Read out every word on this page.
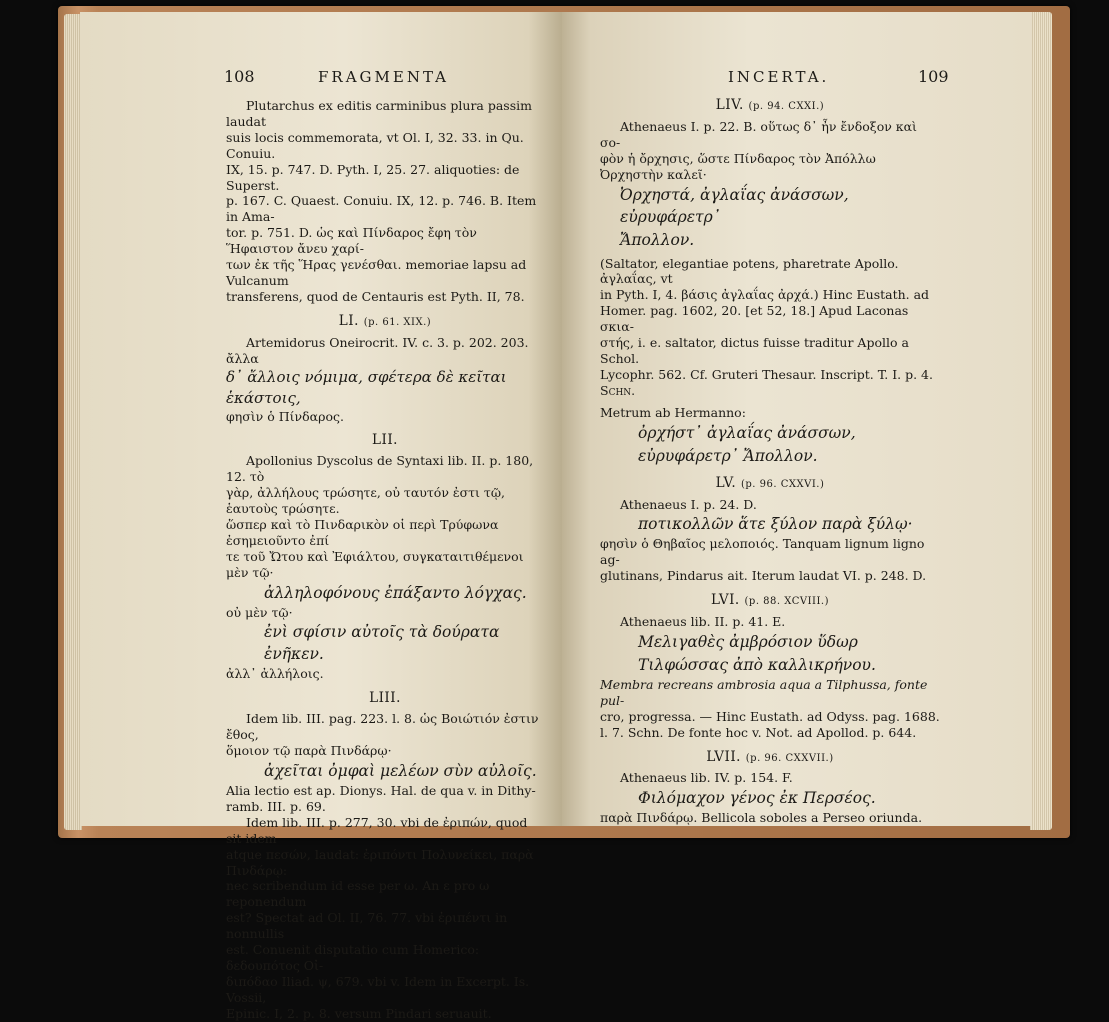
108	FRAGMENTA

Plutarchus ex editis carminibus plura passim laudat

suis locis commemorata, vt Ol. I, 32. 33. in Qu. Conuiu.

IX, 15. p. 747. D. Pyth. I, 25. 27. aliquoties: de Superst.

p. 167. C. Quaest. Conuiu. IX, 12. p. 746. B. Item in Ama-

tor. p. 751. D. ὡς καὶ Πίνδαρος ἔφη τὸν Ἥφαιστον ἄνευ χαρί-

των ἐκ τῆς Ἥρας γενέσθαι. memoriae lapsu ad Vulcanum

transferens, quod de Centauris est Pyth. II, 78.

LI. (p. 61. XIX.)

Artemidorus Oneirocrit. IV. c. 3. p. 202. 203. ἄλλα

δ᾽ ἄλλοις νόμιμα, σφέτερα δὲ κεῖται ἑκάστοις,

φησὶν ὁ Πίνδαρος.

LII.

Apollonius Dyscolus de Syntaxi lib. II. p. 180, 12. τὸ

γὰρ, ἀλλήλους τρώσητε, οὐ ταυτόν ἐστι τῷ, ἑαυτοὺς τρώσητε.

ὥσπερ καὶ τὸ Πινδαρικὸν οἱ περὶ Τρύφωνα ἐσημειοῦντο ἐπί

τε τοῦ Ὤτου καὶ Ἐφιάλτου, συγκαταιτιθέμενοι μὲν τῷ·

ἀλληλοφόνους ἐπάξαντο λόγχας.

οὐ μὲν τῷ·

ἐνὶ σφίσιν αὐτοῖς τὰ δούρατα ἐνῆκεν.

ἀλλ᾽ ἀλλήλοις.

LIII.

Idem lib. III. pag. 223. l. 8. ὡς Βοιώτιόν ἐστιν ἔθος,

ὅμοιον τῷ παρὰ Πινδάρῳ·

ἀχεῖται ὀμφαὶ μελέων σὺν αὐλοῖς.

Alia lectio est ap. Dionys. Hal. de qua v. in Dithy-

ramb. III. p. 69.

Idem lib. III. p. 277, 30. vbi de ἐριπών, quod sit idem

atque πεσών, laudat: ἐριπόντι Πολυνείκει, παρὰ Πινδάρῳ:

nec scribendum id esse per ω. An ε pro ω reponendum

est? Spectat ad Ol. II, 76. 77. vbi ἐριπέντι in nonnullis

est. Conuenit disputatio cum Homerico: δεδουπότος Οἰ-

διπόδαο Iliad. ψ, 679. vbi v. Idem in Excerpt. Is. Vossii,

Epinic. I, 2. p. 8. versum Pindari seruauit.

INCERTA.	109
LIV. (p. 94. CXXI.)

Athenaeus I. p. 22. B. οὕτως δ᾽ ἦν ἔνδοξον καὶ σο-

φὸν ἡ ὄρχησις, ὥστε Πίνδαρος τὸν Ἀπόλλω Ὀρχηστὴν καλεῖ·

Ὀρχηστά, ἀγλαΐας ἀνάσσων, εὐρυφάρετρ᾽

Ἄπολλον.

(Saltator, elegantiae potens, pharetrate Apollo. ἀγλαΐας, vt

in Pyth. I, 4. βάσις ἀγλαΐας ἀρχά.) Hinc Eustath. ad

Homer. pag. 1602, 20. [et 52, 18.] Apud Laconas σκια-

στής, i. e. saltator, dictus fuisse traditur Apollo a Schol.

Lycophr. 562. Cf. Gruteri Thesaur. Inscript. T. I. p. 4.

Schn.

Metrum ab Hermanno:

ὀρχήστ᾽ ἀγλαΐας ἀνάσσων,

εὐρυφάρετρ᾽ Ἄπολλον.

LV. (p. 96. CXXVI.)

Athenaeus I. p. 24. D.

ποτικολλῶν ἅτε ξύλον παρὰ ξύλῳ·

φησὶν ὁ Θηβαῖος μελοποιός. Tanquam lignum ligno ag-

glutinans, Pindarus ait. Iterum laudat VI. p. 248. D.

LVI. (p. 88. XCVIII.)

Athenaeus lib. II. p. 41. E.

Μελιγαθὲς ἀμβρόσιον ὕδωρ

Τιλφώσσας ἀπὸ καλλικρήνου.

Membra recreans ambrosia aqua a Tilphussa, fonte pul-

cro, progressa. — Hinc Eustath. ad Odyss. pag. 1688.

l. 7. Schn. De fonte hoc v. Not. ad Apollod. p. 644.

LVII. (p. 96. CXXVII.)

Athenaeus lib. IV. p. 154. F.

Φιλόμαχον γένος ἐκ Περσέος.

παρὰ Πινδάρῳ. Bellicola soboles a Perseo oriunda.
